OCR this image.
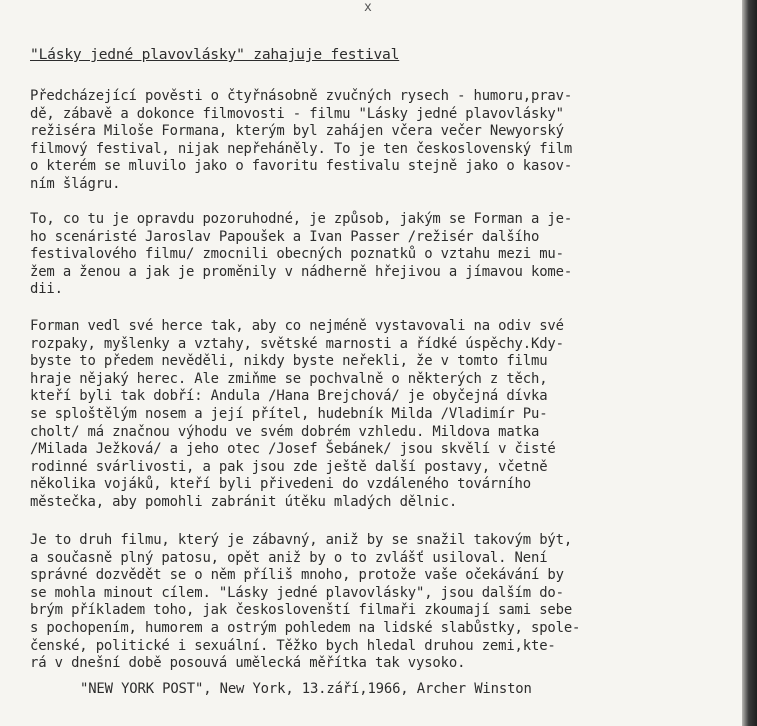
x
"Lásky jedné plavovlásky" zahajuje festival

Předcházející pověsti o čtyřnásobně zvučných rysech - humoru,prav-
dě, zábavě a dokonce filmovosti - filmu "Lásky jedné plavovlásky"
režiséra Miloše Formana, kterým byl zahájen včera večer Newyorský
filmový festival, nijak nepřeháněly. To je ten československý film
o kterém se mluvilo jako o favoritu festivalu stejně jako o kasov-
ním šlágru.

To, co tu je opravdu pozoruhodné, je způsob, jakým se Forman a je-
ho scenáristé Jaroslav Papoušek a Ivan Passer /režisér dalšího
festivalového filmu/ zmocnili obecných poznatků o vztahu mezi mu-
žem a ženou a jak je proměnily v nádherně hřejivou a jímavou kome-
dii.

Forman vedl své herce tak, aby co nejméně vystavovali na odiv své
rozpaky, myšlenky a vztahy, světské marnosti a řídké úspěchy.Kdy-
byste to předem nevěděli, nikdy byste neřekli, že v tomto filmu
hraje nějaký herec. Ale zmiňme se pochvalně o některých z těch,
kteří byli tak dobří: Andula /Hana Brejchová/ je obyčejná dívka
se sploštělým nosem a její přítel, hudebník Milda /Vladimír Pu-
cholt/ má značnou výhodu ve svém dobrém vzhledu. Mildova matka
/Milada Ježková/ a jeho otec /Josef Šebánek/ jsou skvělí v čisté
rodinné svárlivosti, a pak jsou zde ještě další postavy, včetně
několika vojáků, kteří byli přivedeni do vzdáleného továrního
městečka, aby pomohli zabránit útěku mladých dělnic.

Je to druh filmu, který je zábavný, aniž by se snažil takovým být,
a současně plný patosu, opět aniž by o to zvlášť usiloval. Není
správné dozvědět se o něm příliš mnoho, protože vaše očekávání by
se mohla minout cílem. "Lásky jedné plavovlásky", jsou dalším do-
brým příkladem toho, jak českoslovenští filmaři zkoumají sami sebe
s pochopením, humorem a ostrým pohledem na lidské slabůstky, spole-
čenské, politické i sexuální. Těžko bych hledal druhou zemi,kte-
rá v dnešní době posouvá umělecká měřítka tak vysoko.

"NEW YORK POST", New York, 13.září,1966, Archer Winston
